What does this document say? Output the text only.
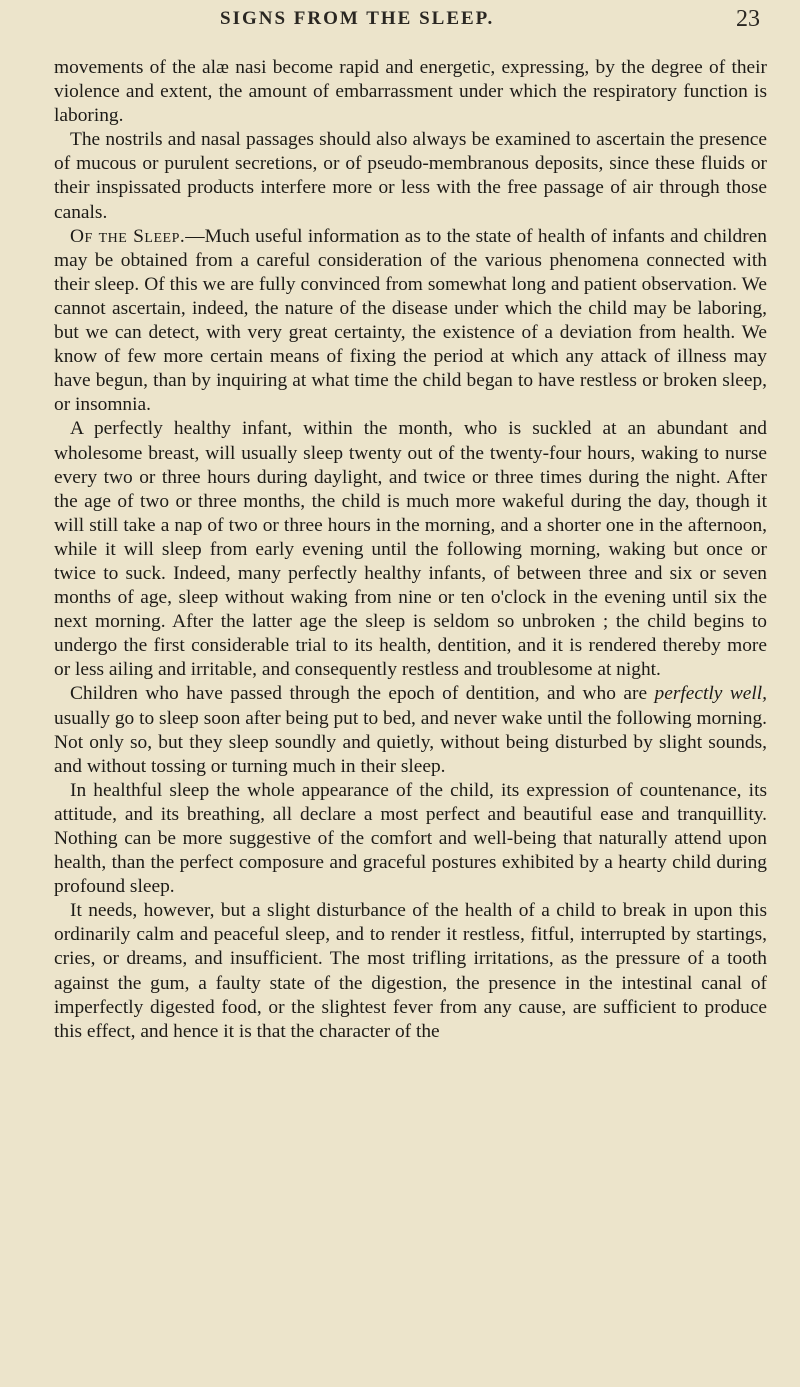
SIGNS FROM THE SLEEP.	23

movements of the alæ nasi become rapid and energetic, expressing, by the degree of their violence and extent, the amount of embarrassment under which the respiratory function is laboring.

The nostrils and nasal passages should also always be examined to ascertain the presence of mucous or purulent secretions, or of pseudo-membranous deposits, since these fluids or their inspissated products interfere more or less with the free passage of air through those canals.

Of the Sleep.—Much useful information as to the state of health of infants and children may be obtained from a careful consideration of the various phenomena connected with their sleep. Of this we are fully convinced from somewhat long and patient observation. We cannot ascertain, indeed, the nature of the disease under which the child may be laboring, but we can detect, with very great certainty, the existence of a deviation from health. We know of few more certain means of fixing the period at which any attack of illness may have begun, than by inquiring at what time the child began to have restless or broken sleep, or insomnia.

A perfectly healthy infant, within the month, who is suckled at an abundant and wholesome breast, will usually sleep twenty out of the twenty-four hours, waking to nurse every two or three hours during daylight, and twice or three times during the night. After the age of two or three months, the child is much more wakeful during the day, though it will still take a nap of two or three hours in the morning, and a shorter one in the afternoon, while it will sleep from early evening until the following morning, waking but once or twice to suck. Indeed, many perfectly healthy infants, of between three and six or seven months of age, sleep without waking from nine or ten o'clock in the evening until six the next morning. After the latter age the sleep is seldom so unbroken ; the child begins to undergo the first considerable trial to its health, dentition, and it is rendered thereby more or less ailing and irritable, and consequently restless and troublesome at night.

Children who have passed through the epoch of dentition, and who are perfectly well, usually go to sleep soon after being put to bed, and never wake until the following morning. Not only so, but they sleep soundly and quietly, without being disturbed by slight sounds, and without tossing or turning much in their sleep.

In healthful sleep the whole appearance of the child, its expression of countenance, its attitude, and its breathing, all declare a most perfect and beautiful ease and tranquillity. Nothing can be more suggestive of the comfort and well-being that naturally attend upon health, than the perfect composure and graceful postures exhibited by a hearty child during profound sleep.

It needs, however, but a slight disturbance of the health of a child to break in upon this ordinarily calm and peaceful sleep, and to render it restless, fitful, interrupted by startings, cries, or dreams, and insufficient. The most trifling irritations, as the pressure of a tooth against the gum, a faulty state of the digestion, the presence in the intestinal canal of imperfectly digested food, or the slightest fever from any cause, are sufficient to produce this effect, and hence it is that the character of the
